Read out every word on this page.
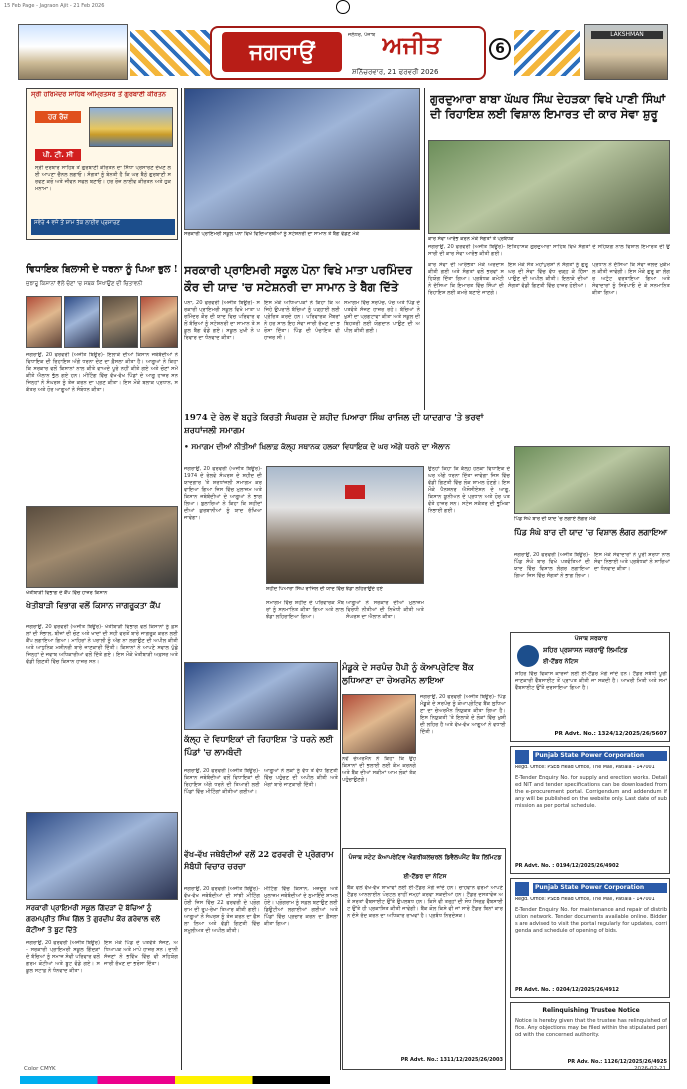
15 Feb Page - Jagraon Ajit - 21 Feb 2026
ਜਗਰਾਉਂ
ਜਲੰਧਰ, ਪੰਜਾਬ ਅਜੀਤ
ਸ਼ਨਿੱਚਰਵਾਰ, 21 ਫਰਵਰੀ 2026
6
LAKSHMAN
ਸ੍ਰੀ ਹਰਿਮੰਦਰ ਸਾਹਿਬ ਅੰਮ੍ਰਿਤਸਰ ਤੋਂ ਗੁਰਬਾਣੀ ਕੀਰਤਨ
ਹਰ ਰੋਜ਼
ਪੀ. ਟੀ. ਸੀ
ਸ੍ਰੀ ਦਰਬਾਰ ਸਾਹਿਬ ਤੋਂ ਗੁਰਬਾਣੀ ਕੀਰਤਨ ਦਾ ਸਿੱਧਾ ਪ੍ਰਸਾਰਣ ਦੇਖਣ ਲਈ ਆਪਣਾ ਚੈਨਲ ਲਗਾਓ। ਸੰਗਤਾਂ ਨੂੰ ਬੇਨਤੀ ਹੈ ਕਿ ਘਰ ਬੈਠੇ ਗੁਰਬਾਣੀ ਸਰਵਣ ਕਰੋ ਅਤੇ ਜੀਵਨ ਸਫਲ ਬਣਾਓ। ਹਰ ਰੋਜ਼ ਲਾਈਵ ਕੀਰਤਨ ਅਤੇ ਹੁਕਮਨਾਮਾ।
ਸਵੇਰੇ 4 ਵਜੇ ਤੋਂ ਸ਼ਾਮ ਤੱਕ ਲਾਈਵ ਪ੍ਰਸਾਰਣ
ਸਰਕਾਰੀ ਪ੍ਰਾਇਮਰੀ ਸਕੂਲ ਪੋਨਾ ਵਿਖੇ ਵਿਦਿਆਰਥੀਆਂ ਨੂੰ ਸਟੇਸ਼ਨਰੀ ਦਾ ਸਾਮਾਨ ਤੇ ਬੈਗ ਵੰਡਣ ਮੌਕੇ
ਗੁਰਦੁਆਰਾ ਬਾਬਾ ਘੱਘਰ ਸਿੰਘ ਦੇਹੜਕਾ ਵਿਖੇ ਪਾਣੀ ਸਿੰਘਾਂ ਦੀ ਰਿਹਾਇਸ਼ ਲਈ ਵਿਸ਼ਾਲ ਇਮਾਰਤ ਦੀ ਕਾਰ ਸੇਵਾ ਸ਼ੁਰੂ
ਕਾਰ ਸੇਵਾ ਆਰੰਭ ਕਰਨ ਮੌਕੇ ਸੰਗਤਾਂ ਤੇ ਪ੍ਰਬੰਧਕ
ਜਗਰਾਉਂ, 20 ਫਰਵਰੀ (ਅਜੀਤ ਬਿਊਰੋ)- ਇਤਿਹਾਸਕ ਗੁਰਦੁਆਰਾ ਸਾਹਿਬ ਵਿਖੇ ਸੰਗਤਾਂ ਦੇ ਸਹਿਯੋਗ ਨਾਲ ਵਿਸ਼ਾਲ ਇਮਾਰਤ ਦੀ ਉਸਾਰੀ ਦੀ ਕਾਰ ਸੇਵਾ ਆਰੰਭ ਕੀਤੀ ਗਈ।
ਸਰਕਾਰੀ ਪ੍ਰਾਇਮਰੀ ਸਕੂਲ ਪੋਨਾ ਵਿਖੇ ਮਾਤਾ ਪਰਮਿੰਦਰ ਕੌਰ ਦੀ ਯਾਦ 'ਚ ਸਟੇਸ਼ਨਰੀ ਦਾ ਸਾਮਾਨ ਤੇ ਬੈਗ ਦਿੱਤੇ
ਵਿਧਾਇਕ ਬਿਲਾਸੀ ਦੇ ਧਰਨਾ ਨੂੰ ਪਿਆ ਭੁਲ !
ਜੁਝਾਰੂ ਕਿਸਾਨਾਂ ਵੱਲੋਂ ਚੋਣਾਂ 'ਚ ਸਬਕ ਸਿਖਾਉਣ ਦੀ ਚਿਤਾਵਨੀ
ਜਗਰਾਉਂ, 20 ਫਰਵਰੀ (ਅਜੀਤ ਬਿਊਰੋ)- ਇਲਾਕੇ ਦੀਆਂ ਕਿਸਾਨ ਜਥੇਬੰਦੀਆਂ ਨੇ ਵਿਧਾਇਕ ਦੀ ਰਿਹਾਇਸ਼ ਅੱਗੇ ਧਰਨਾ ਦੇਣ ਦਾ ਫ਼ੈਸਲਾ ਕੀਤਾ ਹੈ। ਆਗੂਆਂ ਨੇ ਕਿਹਾ ਕਿ ਸਰਕਾਰ ਵਲੋਂ ਕਿਸਾਨਾਂ ਨਾਲ ਕੀਤੇ ਵਾਅਦੇ ਪੂਰੇ ਨਹੀਂ ਕੀਤੇ ਗਏ ਅਤੇ ਚੋਣਾਂ ਸਮੇਂ ਕੀਤੇ ਐਲਾਨ ਭੁੱਲ ਗਏ ਹਨ। ਮੀਟਿੰਗ ਵਿੱਚ ਵੱਖ-ਵੱਖ ਪਿੰਡਾਂ ਦੇ ਆਗੂ ਹਾਜ਼ਰ ਸਨ ਜਿਨ੍ਹਾਂ ਨੇ ਸੰਘਰਸ਼ ਨੂੰ ਤੇਜ਼ ਕਰਨ ਦਾ ਪ੍ਰਣ ਕੀਤਾ। ਇਸ ਮੌਕੇ ਬਲਾਕ ਪ੍ਰਧਾਨ, ਸਕੱਤਰ ਅਤੇ ਹੋਰ ਆਗੂਆਂ ਨੇ ਸੰਬੋਧਨ ਕੀਤਾ।
ਪੋਨਾ, 20 ਫਰਵਰੀ (ਅਜੀਤ ਬਿਊਰੋ)- ਸਰਕਾਰੀ ਪ੍ਰਾਇਮਰੀ ਸਕੂਲ ਵਿਖੇ ਮਾਤਾ ਪਰਮਿੰਦਰ ਕੌਰ ਦੀ ਯਾਦ ਵਿਚ ਪਰਿਵਾਰ ਵਲੋਂ ਬੱਚਿਆਂ ਨੂੰ ਸਟੇਸ਼ਨਰੀ ਦਾ ਸਾਮਾਨ ਤੇ ਸਕੂਲ ਬੈਗ ਵੰਡੇ ਗਏ। ਸਕੂਲ ਮੁਖੀ ਨੇ ਪਰਿਵਾਰ ਦਾ ਧੰਨਵਾਦ ਕੀਤਾ।
ਇਸ ਮੌਕੇ ਅਧਿਆਪਕਾਂ ਨੇ ਕਿਹਾ ਕਿ ਅਜਿਹੇ ਉਪਰਾਲੇ ਬੱਚਿਆਂ ਨੂੰ ਪੜ੍ਹਾਈ ਲਈ ਪ੍ਰੇਰਿਤ ਕਰਦੇ ਹਨ। ਪਰਿਵਾਰਕ ਮੈਂਬਰਾਂ ਨੇ ਹਰ ਸਾਲ ਇਹ ਸੇਵਾ ਜਾਰੀ ਰੱਖਣ ਦਾ ਭਰੋਸਾ ਦਿੱਤਾ। ਪਿੰਡ ਦੀ ਪੰਚਾਇਤ ਵੀ ਹਾਜ਼ਰ ਸੀ।
ਸਮਾਗਮ ਵਿੱਚ ਸਰਪੰਚ, ਪੰਚ ਅਤੇ ਪਿੰਡ ਦੇ ਪਤਵੰਤੇ ਸੱਜਣ ਹਾਜ਼ਰ ਰਹੇ। ਬੱਚਿਆਂ ਨੇ ਖੁਸ਼ੀ ਦਾ ਪ੍ਰਗਟਾਵਾ ਕੀਤਾ ਅਤੇ ਸਕੂਲ ਦੀ ਬਿਹਤਰੀ ਲਈ ਯੋਗਦਾਨ ਪਾਉਣ ਦੀ ਅਪੀਲ ਕੀਤੀ ਗਈ।
ਕਾਰ ਸੇਵਾ ਦੀ ਆਰੰਭਤਾ ਮੌਕੇ ਅਰਦਾਸ ਕੀਤੀ ਗਈ ਅਤੇ ਸੰਗਤਾਂ ਵਲੋਂ ਭਰਵਾਂ ਸਹਿਯੋਗ ਦਿੱਤਾ ਗਿਆ। ਪ੍ਰਬੰਧਕ ਕਮੇਟੀ ਨੇ ਦੱਸਿਆ ਕਿ ਇਮਾਰਤ ਵਿੱਚ ਸਿੰਘਾਂ ਦੀ ਰਿਹਾਇਸ਼ ਲਈ ਕਮਰੇ ਬਣਾਏ ਜਾਣਗੇ।
ਇਸ ਮੌਕੇ ਸੰਤ ਮਹਾਂਪੁਰਸ਼ਾਂ ਨੇ ਸੰਗਤਾਂ ਨੂੰ ਗੁਰੂ ਘਰ ਦੀ ਸੇਵਾ ਵਿੱਚ ਵੱਧ ਚੜ੍ਹ ਕੇ ਹਿੱਸਾ ਪਾਉਣ ਦੀ ਅਪੀਲ ਕੀਤੀ। ਇਲਾਕੇ ਦੀਆਂ ਸੰਗਤਾਂ ਵੱਡੀ ਗਿਣਤੀ ਵਿੱਚ ਹਾਜ਼ਰ ਹੋਈਆਂ।
ਪ੍ਰਧਾਨ ਨੇ ਦੱਸਿਆ ਕਿ ਸੇਵਾ ਜਲਦ ਮੁਕੰਮਲ ਕੀਤੀ ਜਾਵੇਗੀ। ਇਸ ਮੌਕੇ ਗੁਰੂ ਕਾ ਲੰਗਰ ਅਟੁੱਟ ਵਰਤਾਇਆ ਗਿਆ ਅਤੇ ਸੇਵਾਦਾਰਾਂ ਨੂੰ ਸਿਰੋਪਾਓ ਦੇ ਕੇ ਸਨਮਾਨਿਤ ਕੀਤਾ ਗਿਆ।
1974 ਦੇ ਰੇਲ ਵੇਂ ਬਹੁਤੇ ਕਿਰਤੀ ਸੰਘਰਸ਼ ਦੇ ਸ਼ਹੀਦ ਪਿਆਰਾ ਸਿੰਘ ਰਾਜਿਲ ਦੀ ਯਾਦਗਾਰ 'ਤੇ ਭਰਵਾਂ ਸ਼ਰਧਾਂਜਲੀ ਸਮਾਗਮ
• ਸਮਾਗਮ ਦੀਆਂ ਨੀਤੀਆਂ ਖ਼ਿਲਾਫ਼ ਕੱਲ੍ਹ ਸਥਾਨਕ ਹਲਕਾ ਵਿਧਾਇਕ ਦੇ ਘਰ ਅੱਗੇ ਧਰਨੇ ਦਾ ਐਲਾਨ
ਜਗਰਾਉਂ, 20 ਫਰਵਰੀ (ਅਜੀਤ ਬਿਊਰੋ)- 1974 ਦੇ ਰੇਲਵੇ ਸੰਘਰਸ਼ ਦੇ ਸ਼ਹੀਦ ਦੀ ਯਾਦਗਾਰ 'ਤੇ ਸ਼ਰਧਾਂਜਲੀ ਸਮਾਗਮ ਕਰਵਾਇਆ ਗਿਆ ਜਿਸ ਵਿੱਚ ਮੁਲਾਜ਼ਮ ਅਤੇ ਕਿਸਾਨ ਜਥੇਬੰਦੀਆਂ ਦੇ ਆਗੂਆਂ ਨੇ ਭਾਗ ਲਿਆ। ਬੁਲਾਰਿਆਂ ਨੇ ਕਿਹਾ ਕਿ ਸ਼ਹੀਦਾਂ ਦੀਆਂ ਕੁਰਬਾਨੀਆਂ ਨੂੰ ਯਾਦ ਰੱਖਿਆ ਜਾਵੇਗਾ।
ਸ਼ਹੀਦ ਪਿਆਰਾ ਸਿੰਘ ਰਾਜਿਲ ਦੀ ਯਾਦ ਵਿੱਚ ਝੰਡਾ ਲਹਿਰਾਉਂਦੇ ਹੋਏ
ਸਮਾਗਮ ਵਿੱਚ ਸ਼ਹੀਦ ਦੇ ਪਰਿਵਾਰਕ ਮੈਂਬਰਾਂ ਨੂੰ ਸਨਮਾਨਿਤ ਕੀਤਾ ਗਿਆ ਅਤੇ ਲਾਲ ਝੰਡਾ ਲਹਿਰਾਇਆ ਗਿਆ।
ਆਗੂਆਂ ਨੇ ਸਰਕਾਰ ਦੀਆਂ ਮੁਲਾਜ਼ਮ ਵਿਰੋਧੀ ਨੀਤੀਆਂ ਦੀ ਨਿਖੇਧੀ ਕੀਤੀ ਅਤੇ ਸੰਘਰਸ਼ ਦਾ ਐਲਾਨ ਕੀਤਾ।
ਉਨ੍ਹਾਂ ਕਿਹਾ ਕਿ ਕੱਲ੍ਹ ਹਲਕਾ ਵਿਧਾਇਕ ਦੇ ਘਰ ਅੱਗੇ ਧਰਨਾ ਦਿੱਤਾ ਜਾਵੇਗਾ ਜਿਸ ਵਿੱਚ ਵੱਡੀ ਗਿਣਤੀ ਵਿੱਚ ਲੋਕ ਸ਼ਾਮਲ ਹੋਣਗੇ। ਇਸ ਮੌਕੇ ਪੈਨਸ਼ਨਰ ਐਸੋਸੀਏਸ਼ਨ ਦੇ ਆਗੂ, ਕਿਸਾਨ ਯੂਨੀਅਨ ਦੇ ਪ੍ਰਧਾਨ ਅਤੇ ਹੋਰ ਪਤਵੰਤੇ ਹਾਜ਼ਰ ਸਨ। ਸਟੇਜ ਸਕੱਤਰ ਦੀ ਭੂਮਿਕਾ ਨਿਭਾਈ ਗਈ।
ਪਿੰਡ ਸੰਘੇ ਬਾਰ ਦੀ ਯਾਦ 'ਚ ਲਗਾਏ ਲੰਗਰ ਮੌਕੇ
ਪਿੰਡ ਸੰਘੇ ਬਾਰ ਦੀ ਯਾਦ 'ਚ ਵਿਸ਼ਾਲ ਲੰਗਰ ਲਗਾਇਆ
ਜਗਰਾਉਂ, 20 ਫਰਵਰੀ (ਅਜੀਤ ਬਿਊਰੋ)- ਪਿੰਡ ਸੰਘੇ ਬਾਰ ਵਿਖੇ ਪਤਵੰਤਿਆਂ ਦੀ ਯਾਦ ਵਿੱਚ ਵਿਸ਼ਾਲ ਲੰਗਰ ਲਗਾਇਆ ਗਿਆ ਜਿਸ ਵਿੱਚ ਸੰਗਤਾਂ ਨੇ ਭਾਗ ਲਿਆ।
ਇਸ ਮੌਕੇ ਸੇਵਾਦਾਰਾਂ ਨੇ ਪੂਰੀ ਸ਼ਰਧਾ ਨਾਲ ਸੇਵਾ ਨਿਭਾਈ ਅਤੇ ਪ੍ਰਬੰਧਕਾਂ ਨੇ ਸਾਰਿਆਂ ਦਾ ਧੰਨਵਾਦ ਕੀਤਾ।
ਖੇਤੀਬਾੜੀ ਵਿਭਾਗ ਦੇ ਕੈਂਪ ਵਿੱਚ ਹਾਜ਼ਰ ਕਿਸਾਨ
ਖੇਤੀਬਾੜੀ ਵਿਭਾਗ ਵਲੋਂ ਕਿਸਾਨ ਜਾਗਰੂਕਤਾ ਕੈਂਪ
ਜਗਰਾਉਂ, 20 ਫਰਵਰੀ (ਅਜੀਤ ਬਿਊਰੋ)- ਖੇਤੀਬਾੜੀ ਵਿਭਾਗ ਵਲੋਂ ਕਿਸਾਨਾਂ ਨੂੰ ਫ਼ਸਲਾਂ ਦੀ ਸੰਭਾਲ, ਬੀਜਾਂ ਦੀ ਚੋਣ ਅਤੇ ਖਾਦਾਂ ਦੀ ਸਹੀ ਵਰਤੋਂ ਬਾਰੇ ਜਾਗਰੂਕ ਕਰਨ ਲਈ ਕੈਂਪ ਲਗਾਇਆ ਗਿਆ। ਮਾਹਿਰਾਂ ਨੇ ਪਰਾਲੀ ਨੂੰ ਅੱਗ ਨਾ ਲਗਾਉਣ ਦੀ ਅਪੀਲ ਕੀਤੀ ਅਤੇ ਆਧੁਨਿਕ ਮਸ਼ੀਨਰੀ ਬਾਰੇ ਜਾਣਕਾਰੀ ਦਿੱਤੀ। ਕਿਸਾਨਾਂ ਨੇ ਆਪਣੇ ਸਵਾਲ ਪੁੱਛੇ ਜਿਨ੍ਹਾਂ ਦੇ ਜਵਾਬ ਅਧਿਕਾਰੀਆਂ ਵਲੋਂ ਦਿੱਤੇ ਗਏ। ਇਸ ਮੌਕੇ ਖੇਤੀਬਾੜੀ ਅਫ਼ਸਰ ਅਤੇ ਵੱਡੀ ਗਿਣਤੀ ਵਿੱਚ ਕਿਸਾਨ ਹਾਜ਼ਰ ਸਨ।
ਕੱਲ੍ਹ ਦੇ ਵਿਧਾਇਕਾਂ ਦੀ ਰਿਹਾਇਸ਼ 'ਤੇ ਧਰਨੇ ਲਈ ਪਿੰਡਾਂ 'ਚ ਲਾਮਬੰਦੀ
ਜਗਰਾਉਂ, 20 ਫਰਵਰੀ (ਅਜੀਤ ਬਿਊਰੋ)- ਕਿਸਾਨ ਜਥੇਬੰਦੀਆਂ ਵਲੋਂ ਵਿਧਾਇਕਾਂ ਦੀ ਰਿਹਾਇਸ਼ ਅੱਗੇ ਧਰਨੇ ਦੀ ਤਿਆਰੀ ਲਈ ਪਿੰਡਾਂ ਵਿੱਚ ਮੀਟਿੰਗਾਂ ਕੀਤੀਆਂ ਗਈਆਂ।
ਆਗੂਆਂ ਨੇ ਲੋਕਾਂ ਨੂੰ ਵੱਧ ਤੋਂ ਵੱਧ ਗਿਣਤੀ ਵਿੱਚ ਪਹੁੰਚਣ ਦੀ ਅਪੀਲ ਕੀਤੀ ਅਤੇ ਮੰਗਾਂ ਬਾਰੇ ਜਾਣਕਾਰੀ ਦਿੱਤੀ।
ਮੰਡੂਕੇ ਦੇ ਸਰਪੰਚ ਹੈਪੀ ਨੂੰ ਕੋਆਪ੍ਰੇਟਿਵ ਬੈਂਕ ਲੁਧਿਆਣਾ ਦਾ ਚੇਅਰਮੈਨ ਲਾਇਆ
ਜਗਰਾਉਂ, 20 ਫਰਵਰੀ (ਅਜੀਤ ਬਿਊਰੋ)- ਪਿੰਡ ਮੰਡੂਕੇ ਦੇ ਸਰਪੰਚ ਨੂੰ ਕੋਆਪ੍ਰੇਟਿਵ ਬੈਂਕ ਲੁਧਿਆਣਾ ਦਾ ਚੇਅਰਮੈਨ ਨਿਯੁਕਤ ਕੀਤਾ ਗਿਆ ਹੈ। ਇਸ ਨਿਯੁਕਤੀ 'ਤੇ ਇਲਾਕੇ ਦੇ ਲੋਕਾਂ ਵਿੱਚ ਖੁਸ਼ੀ ਦੀ ਲਹਿਰ ਹੈ ਅਤੇ ਵੱਖ-ਵੱਖ ਆਗੂਆਂ ਨੇ ਵਧਾਈ ਦਿੱਤੀ।
ਨਵੇਂ ਚੇਅਰਮੈਨ ਨੇ ਕਿਹਾ ਕਿ ਉਹ ਕਿਸਾਨਾਂ ਦੀ ਭਲਾਈ ਲਈ ਕੰਮ ਕਰਨਗੇ ਅਤੇ ਬੈਂਕ ਦੀਆਂ ਸਕੀਮਾਂ ਆਮ ਲੋਕਾਂ ਤੱਕ ਪਹੁੰਚਾਉਣਗੇ।
ਪੰਜਾਬ ਸਰਕਾਰ
ਸ਼ਹਿਰ ਪ੍ਰਸ਼ਾਸਨ ਜਗਰਾਉਂ ਲਿਮਟਿਡ
ਈ-ਟੈਂਡਰ ਨੋਟਿਸ
ਸ਼ਹਿਰ ਵਿੱਚ ਵਿਕਾਸ ਕਾਰਜਾਂ ਲਈ ਈ-ਟੈਂਡਰ ਮੰਗੇ ਜਾਂਦੇ ਹਨ। ਟੈਂਡਰ ਸਬੰਧੀ ਪੂਰੀ ਜਾਣਕਾਰੀ ਵੈੱਬਸਾਈਟ ਤੋਂ ਪ੍ਰਾਪਤ ਕੀਤੀ ਜਾ ਸਕਦੀ ਹੈ। ਆਖਰੀ ਮਿਤੀ ਅਤੇ ਸਮਾਂ ਵੈੱਬਸਾਈਟ ਉੱਤੇ ਦਰਸਾਇਆ ਗਿਆ ਹੈ।
PR Advt. No.: 1324/12/2025/26/5607
Punjab State Power Corporation
Regd. Office: PSEB Head Office, The Mall, Patiala - 147001
E-Tender Enquiry No. for supply and erection works. Detailed NIT and tender specifications can be downloaded from the e-procurement portal. Corrigendum and addendum if any will be published on the website only. Last date of submission as per portal schedule.
PR Advt. No. : 0194/12/2025/26/4902
Punjab State Power Corporation
Regd. Office: PSEB Head Office, The Mall, Patiala - 147001
E-Tender Enquiry No. for maintenance and repair of distribution network. Tender documents available online. Bidders are advised to visit the portal regularly for updates, corrigenda and schedule of opening of bids.
PR Advt. No. : 0204/12/2025/26/4912
Relinquishing Trustee Notice
Notice is hereby given that the trustee has relinquished office. Any objections may be filed within the stipulated period with the concerned authority.
PR Adv. No.: 1126/12/2025/26/4925
ਸਰਕਾਰੀ ਪ੍ਰਾਇਮਰੀ ਸਕੂਲ ਗਿੱਦੜਾਂ ਦੇ ਬੱਚਿਆਂ ਨੂੰ ਗਰਮਪ੍ਰੀਤ ਸਿੰਘ ਗਿੱਲ ਤੇ ਗੁਰਦੀਪ ਕੌਰ ਗਰੇਵਾਲ ਵਲੋਂ ਕੋਟੀਆਂ ਤੇ ਬੂਟ ਦਿੱਤੇ
ਜਗਰਾਉਂ, 20 ਫਰਵਰੀ (ਅਜੀਤ ਬਿਊਰੋ)- ਸਰਕਾਰੀ ਪ੍ਰਾਇਮਰੀ ਸਕੂਲ ਗਿੱਦੜਾਂ ਦੇ ਬੱਚਿਆਂ ਨੂੰ ਸਮਾਜ ਸੇਵੀ ਪਰਿਵਾਰ ਵਲੋਂ ਗਰਮ ਕੋਟੀਆਂ ਅਤੇ ਬੂਟ ਵੰਡੇ ਗਏ। ਸਕੂਲ ਸਟਾਫ਼ ਨੇ ਧੰਨਵਾਦ ਕੀਤਾ।
ਇਸ ਮੌਕੇ ਪਿੰਡ ਦੇ ਪਤਵੰਤੇ ਸੱਜਣ, ਅਧਿਆਪਕ ਅਤੇ ਮਾਪੇ ਹਾਜ਼ਰ ਸਨ। ਦਾਨੀ ਸੱਜਣਾਂ ਨੇ ਭਵਿੱਖ ਵਿੱਚ ਵੀ ਸਹਿਯੋਗ ਜਾਰੀ ਰੱਖਣ ਦਾ ਭਰੋਸਾ ਦਿੱਤਾ।
ਵੱਖ-ਵੱਖ ਜਥੇਬੰਦੀਆਂ ਵਲੋਂ 22 ਫਰਵਰੀ ਦੇ ਪ੍ਰੋਗਰਾਮ ਸੰਬੰਧੀ ਵਿਚਾਰ ਚਰਚਾ
ਜਗਰਾਉਂ, 20 ਫਰਵਰੀ (ਅਜੀਤ ਬਿਊਰੋ)- ਵੱਖ-ਵੱਖ ਜਥੇਬੰਦੀਆਂ ਦੀ ਸਾਂਝੀ ਮੀਟਿੰਗ ਹੋਈ ਜਿਸ ਵਿੱਚ 22 ਫਰਵਰੀ ਦੇ ਪ੍ਰੋਗਰਾਮ ਦੀ ਰੂਪ-ਰੇਖਾ ਤਿਆਰ ਕੀਤੀ ਗਈ। ਆਗੂਆਂ ਨੇ ਸੰਘਰਸ਼ ਨੂੰ ਤੇਜ਼ ਕਰਨ ਦਾ ਫੈਸਲਾ ਲਿਆ ਅਤੇ ਵੱਡੀ ਗਿਣਤੀ ਵਿੱਚ ਸ਼ਮੂਲੀਅਤ ਦੀ ਅਪੀਲ ਕੀਤੀ।
ਮੀਟਿੰਗ ਵਿੱਚ ਕਿਸਾਨ, ਮਜ਼ਦੂਰ ਅਤੇ ਮੁਲਾਜ਼ਮ ਜਥੇਬੰਦੀਆਂ ਦੇ ਨੁਮਾਇੰਦੇ ਸ਼ਾਮਲ ਹੋਏ। ਪ੍ਰੋਗਰਾਮ ਨੂੰ ਸਫ਼ਲ ਬਣਾਉਣ ਲਈ ਡਿਊਟੀਆਂ ਲਗਾਈਆਂ ਗਈਆਂ ਅਤੇ ਪਿੰਡਾਂ ਵਿੱਚ ਪ੍ਰਚਾਰ ਕਰਨ ਦਾ ਫ਼ੈਸਲਾ ਕੀਤਾ ਗਿਆ।
ਪੰਜਾਬ ਸਟੇਟ ਕੋਆਪਰੇਟਿਵ ਐਗਰੀਕਲਚਰਲ ਡਿਵੈਲਪਮੈਂਟ ਬੈਂਕ ਲਿਮਿਟਡ
ਈ-ਟੈਂਡਰ ਦਾ ਨੋਟਿਸ
ਬੈਂਕ ਵਲੋਂ ਵੱਖ-ਵੱਖ ਸ਼ਾਖਾਵਾਂ ਲਈ ਈ-ਟੈਂਡਰ ਮੰਗੇ ਜਾਂਦੇ ਹਨ। ਚਾਹਵਾਨ ਫਰਮਾਂ ਆਪਣੇ ਟੈਂਡਰ ਆਨਲਾਈਨ ਪੋਰਟਲ ਰਾਹੀਂ ਜਮ੍ਹਾਂ ਕਰਵਾ ਸਕਦੀਆਂ ਹਨ। ਟੈਂਡਰ ਦਸਤਾਵੇਜ਼ ਅਤੇ ਸ਼ਰਤਾਂ ਵੈੱਬਸਾਈਟ ਉੱਤੇ ਉਪਲਬਧ ਹਨ। ਕਿਸੇ ਵੀ ਤਰ੍ਹਾਂ ਦੀ ਸੋਧ ਸਿਰਫ਼ ਵੈੱਬਸਾਈਟ ਉੱਤੇ ਹੀ ਪ੍ਰਕਾਸ਼ਿਤ ਕੀਤੀ ਜਾਵੇਗੀ। ਬੈਂਕ ਕੋਲ ਕਿਸੇ ਵੀ ਜਾਂ ਸਾਰੇ ਟੈਂਡਰ ਬਿਨਾਂ ਕਾਰਨ ਦੱਸੇ ਰੱਦ ਕਰਨ ਦਾ ਅਧਿਕਾਰ ਰਾਖਵਾਂ ਹੈ। ਪ੍ਰਬੰਧ ਨਿਰਦੇਸ਼ਕ।
PR Advt. No.: 1311/12/2025/26/2003
Color CMYK	2026-02-21
